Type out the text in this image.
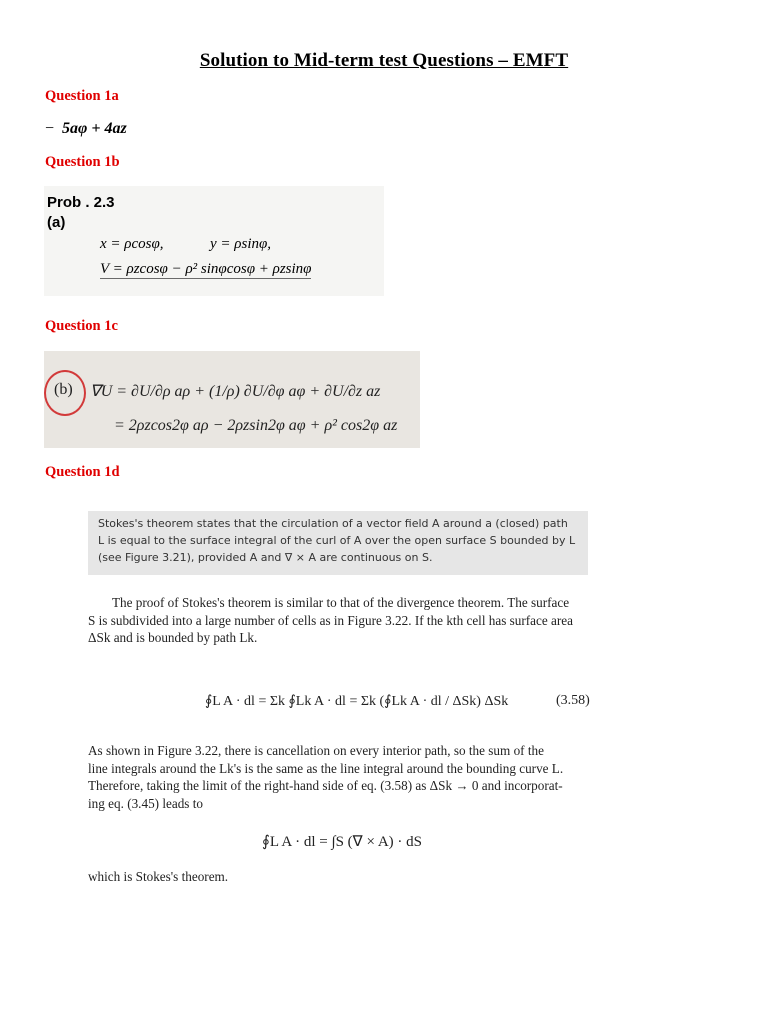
Solution to Mid-term test Questions – EMFT
Question 1a
− 5aφ + 4az
Question 1b
Prob . 2.3
(a)
x = ρcosφ,	y = ρsinφ,
V = ρzcosφ − ρ² sinφcosφ + ρzsinφ
Question 1c
(b) ∇U = ∂U/∂ρ aρ + (1/ρ) ∂U/∂φ aφ + ∂U/∂z az
= 2ρzcos2φ aρ − 2ρzsin2φ aφ + ρ² cos2φ az
Question 1d
Stokes's theorem states that the circulation of a vector field A around a (closed) path
L is equal to the surface integral of the curl of A over the open surface S bounded by L
(see Figure 3.21), provided A and ∇ × A are continuous on S.
The proof of Stokes's theorem is similar to that of the divergence theorem. The surface
S is subdivided into a large number of cells as in Figure 3.22. If the kth cell has surface area
ΔSk and is bounded by path Lk.
∮L A · dl = Σk ∮Lk A · dl = Σk (∮Lk A · dl / ΔSk) ΔSk	(3.58)
As shown in Figure 3.22, there is cancellation on every interior path, so the sum of the
line integrals around the Lk's is the same as the line integral around the bounding curve L.
Therefore, taking the limit of the right-hand side of eq. (3.58) as ΔSk → 0 and incorporat-
ing eq. (3.45) leads to
∮L A · dl = ∫S (∇ × A) · dS
which is Stokes's theorem.
